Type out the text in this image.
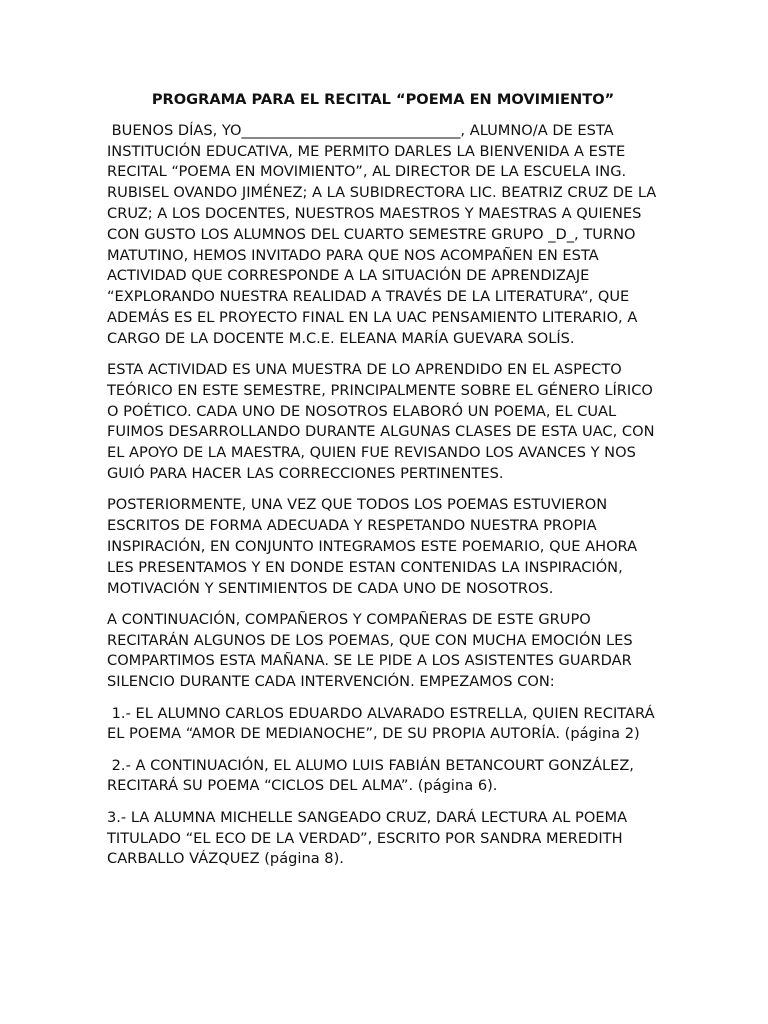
PROGRAMA PARA EL RECITAL “POEMA EN MOVIMIENTO”

BUENOS DÍAS, YO______________________________, ALUMNO/A DE ESTA INSTITUCIÓN EDUCATIVA, ME PERMITO DARLES LA BIENVENIDA A ESTE RECITAL “POEMA EN MOVIMIENTO”, AL DIRECTOR DE LA ESCUELA ING. RUBISEL OVANDO JIMÉNEZ; A LA SUBIDRECTORA LIC. BEATRIZ CRUZ DE LA CRUZ; A LOS DOCENTES, NUESTROS MAESTROS Y MAESTRAS A QUIENES CON GUSTO LOS ALUMNOS DEL CUARTO SEMESTRE GRUPO _D_, TURNO MATUTINO, HEMOS INVITADO PARA QUE NOS ACOMPAÑEN EN ESTA ACTIVIDAD QUE CORRESPONDE A LA SITUACIÓN DE APRENDIZAJE “EXPLORANDO NUESTRA REALIDAD A TRAVÉS DE LA LITERATURA”, QUE ADEMÁS ES EL PROYECTO FINAL EN LA UAC PENSAMIENTO LITERARIO, A CARGO DE LA DOCENTE M.C.E. ELEANA MARÍA GUEVARA SOLÍS.

ESTA ACTIVIDAD ES UNA MUESTRA DE LO APRENDIDO EN EL ASPECTO TEÓRICO EN ESTE SEMESTRE, PRINCIPALMENTE SOBRE EL GÉNERO LÍRICO O POÉTICO. CADA UNO DE NOSOTROS ELABORÓ UN POEMA, EL CUAL FUIMOS DESARROLLANDO DURANTE ALGUNAS CLASES DE ESTA UAC, CON EL APOYO DE LA MAESTRA, QUIEN FUE REVISANDO LOS AVANCES Y NOS GUIÓ PARA HACER LAS CORRECCIONES PERTINENTES.

POSTERIORMENTE, UNA VEZ QUE TODOS LOS POEMAS ESTUVIERON ESCRITOS DE FORMA ADECUADA Y RESPETANDO NUESTRA PROPIA INSPIRACIÓN, EN CONJUNTO INTEGRAMOS ESTE POEMARIO, QUE AHORA LES PRESENTAMOS Y EN DONDE ESTAN CONTENIDAS LA INSPIRACIÓN, MOTIVACIÓN Y SENTIMIENTOS DE CADA UNO DE NOSOTROS.

A CONTINUACIÓN, COMPAÑEROS Y COMPAÑERAS DE ESTE GRUPO RECITARÁN ALGUNOS DE LOS POEMAS, QUE CON MUCHA EMOCIÓN LES COMPARTIMOS ESTA MAÑANA. SE LE PIDE A LOS ASISTENTES GUARDAR SILENCIO DURANTE CADA INTERVENCIÓN. EMPEZAMOS CON:

1.- EL ALUMNO CARLOS EDUARDO ALVARADO ESTRELLA, QUIEN RECITARÁ EL POEMA “AMOR DE MEDIANOCHE”, DE SU PROPIA AUTORÍA. (página 2)

2.- A CONTINUACIÓN, EL ALUMO LUIS FABIÁN BETANCOURT GONZÁLEZ, RECITARÁ SU POEMA “CICLOS DEL ALMA”. (página 6).

3.- LA ALUMNA MICHELLE SANGEADO CRUZ, DARÁ LECTURA AL POEMA TITULADO “EL ECO DE LA VERDAD”, ESCRITO POR SANDRA MEREDITH CARBALLO VÁZQUEZ (página 8).
